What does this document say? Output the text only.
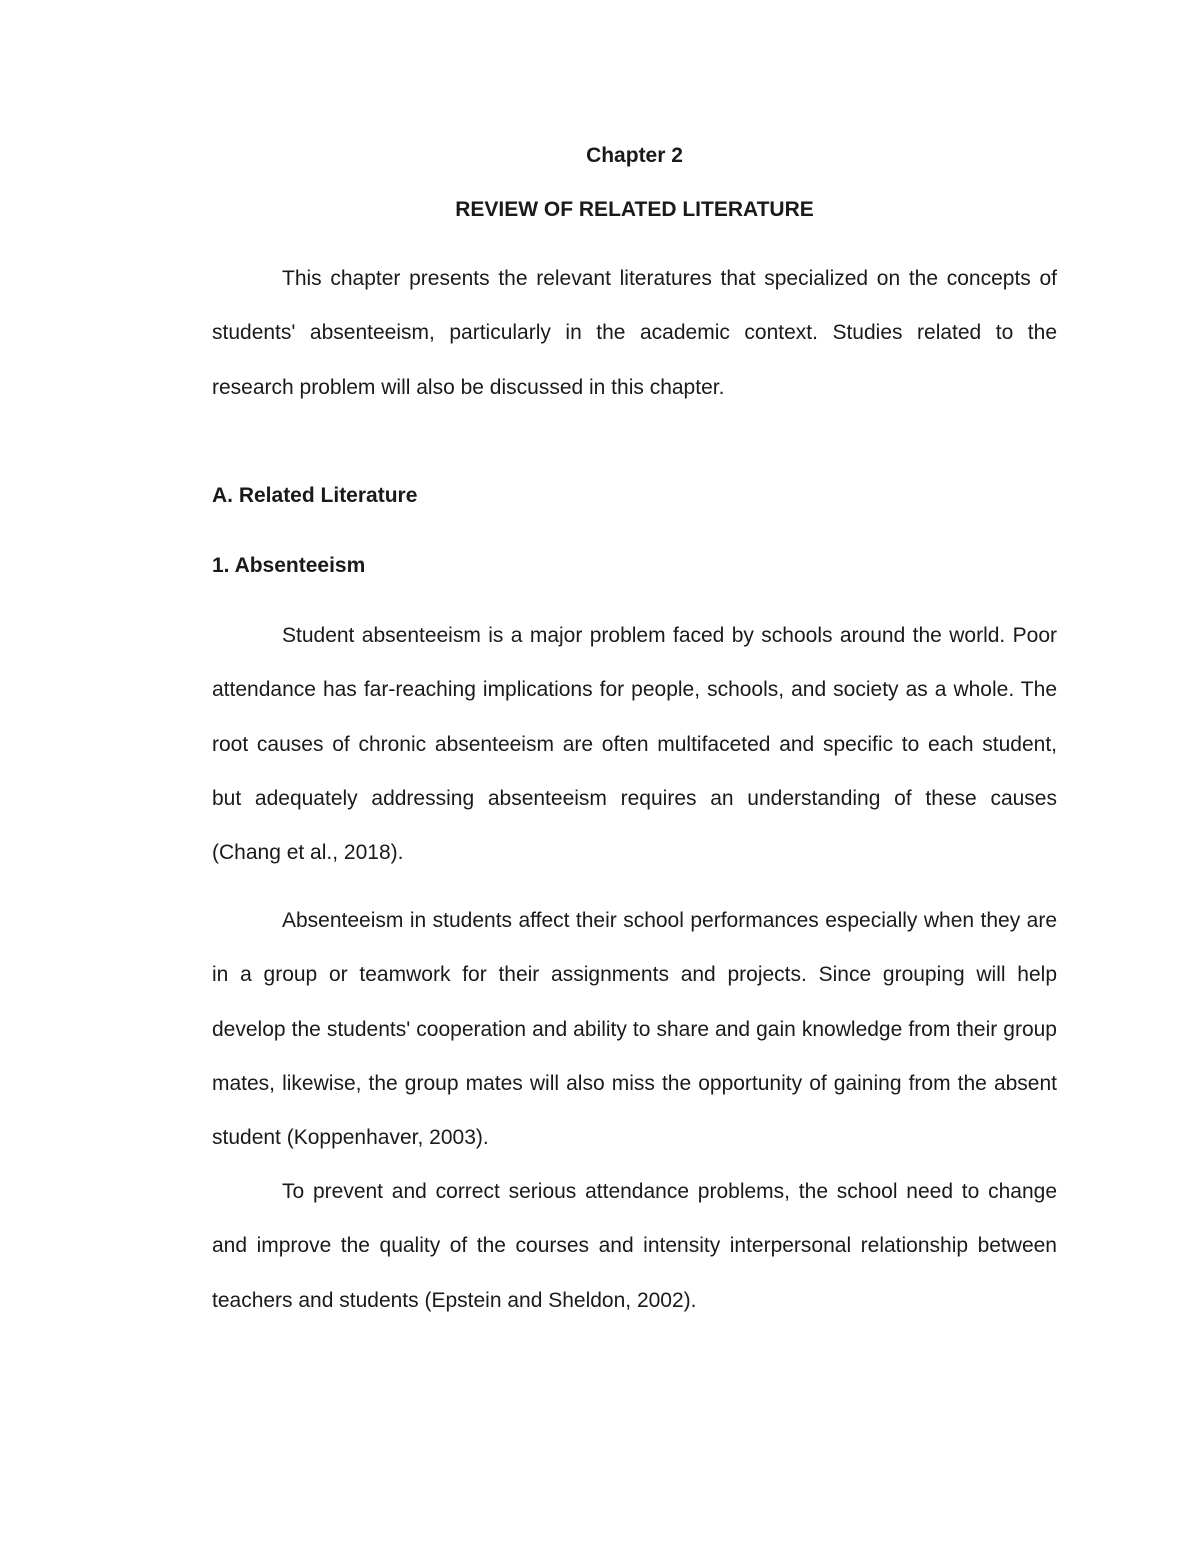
Chapter 2
REVIEW OF RELATED LITERATURE

This chapter presents the relevant literatures that specialized on the concepts of students' absenteeism, particularly in the academic context. Studies related to the research problem will also be discussed in this chapter.

A. Related Literature
1. Absenteeism

Student absenteeism is a major problem faced by schools around the world. Poor attendance has far-reaching implications for people, schools, and society as a whole. The root causes of chronic absenteeism are often multifaceted and specific to each student, but adequately addressing absenteeism requires an understanding of these causes (Chang et al., 2018).

Absenteeism in students affect their school performances especially when they are in a group or teamwork for their assignments and projects. Since grouping will help develop the students' cooperation and ability to share and gain knowledge from their group mates, likewise, the group mates will also miss the opportunity of gaining from the absent student (Koppenhaver, 2003).

To prevent and correct serious attendance problems, the school need to change and improve the quality of the courses and intensity interpersonal relationship between teachers and students (Epstein and Sheldon, 2002).
